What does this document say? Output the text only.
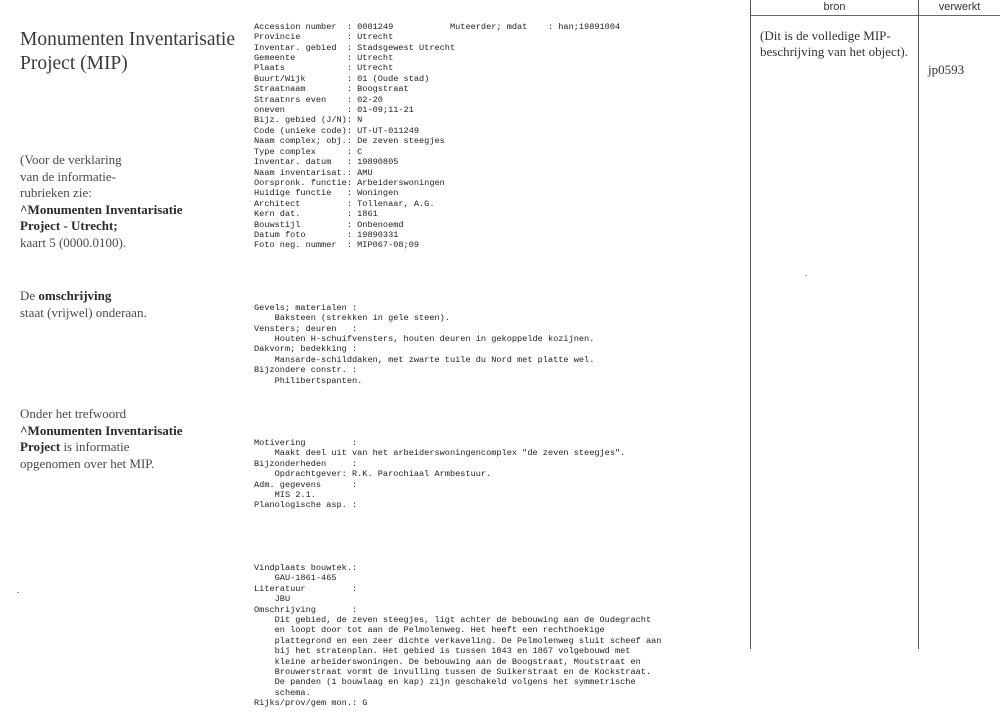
Monumenten Inventarisatie Project (MIP)
(Voor de verklaring
van de informatie-
rubrieken zie:
^Monumenten Inventarisatie
Project - Utrecht;
kaart 5 (0000.0100).
De omschrijving
staat (vrijwel) onderaan.
Onder het trefwoord
^Monumenten Inventarisatie
Project is informatie
opgenomen over het MIP.

Accession number  : 0001249           Muteerder; mdat    : han;19891004
Provincie         : Utrecht
Inventar. gebied  : Stadsgewest Utrecht
Gemeente          : Utrecht
Plaats            : Utrecht
Buurt/Wijk        : 01 (Oude stad)
Straatnaam        : Boogstraat
Straatnrs even    : 02-20
oneven            : 01-09;11-21
Bijz. gebied (J/N): N
Code (unieke code): UT-UT-011249
Naam complex; obj.: De zeven steegjes
Type complex      : C
Inventar. datum   : 19890805
Naam inventarisat.: AMU
Oorspronk. functie: Arbeiderswoningen
Huidige functie   : Woningen
Architect         : Tollenaar, A.G.
Kern dat.         : 1861
Bouwstijl         : Onbenoemd
Datum foto        : 19890331
Foto neg. nummer  : MIP067-08;09

Gevels; materialen :
Baksteen (strekken in gele steen).
Vensters; deuren   :
Houten H-schuifvensters, houten deuren in gekoppelde kozijnen.
Dakvorm; bedekking :
Mansarde-schilddaken, met zwarte tuile du Nord met platte wel.
Bijzondere constr. :
Philibertspanten.

Motivering         :
Maakt deel uit van het arbeiderswoningencomplex "de zeven steegjes".
Bijzonderheden     :
Opdrachtgever: R.K. Parochiaal Armbestuur.
Adm. gegevens      :
MIS 2.1.
Planologische asp. :

Vindplaats bouwtek.:
GAU-1861-465
Literatuur         :
JBU
Omschrijving       :
Dit gebied, de zeven steegjes, ligt achter de bebouwing aan de Oudegracht
en loopt door tot aan de Pelmolenweg. Het heeft een rechthoekige
plattegrond en een zeer dichte verkaveling. De Pelmolenweg sluit scheef aan
bij het stratenplan. Het gebied is tussen 1843 en 1867 volgebouwd met
kleine arbeiderswoningen. De bebouwing aan de Boogstraat, Moutstraat en
Brouwerstraat vormt de invulling tussen de Suikerstraat en de Kockstraat.
De panden (1 bouwlaag en kap) zijn geschakeld volgens het symmetrische
schema.
Rijks/prov/gem mon.: G

bron	verwerkt
(Dit is de volledige MIP-beschrijving van het object).
jp0593
